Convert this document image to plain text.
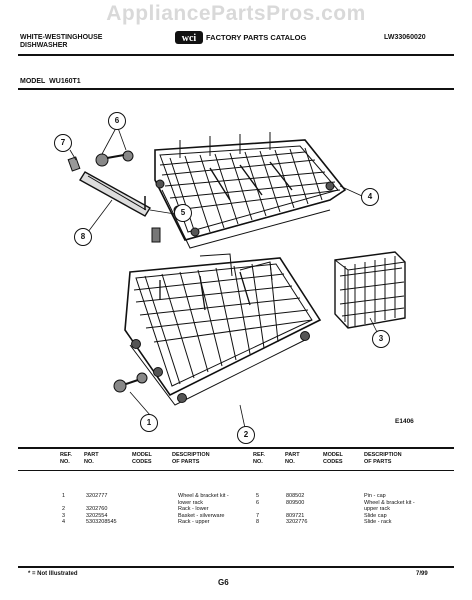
AppliancePartsPros.com
WHITE-WESTINGHOUSE
DISHWASHER
wci FACTORY PARTS CATALOG	LW33060020
MODEL WU160T1
7
6
5
4
8
3
2
1	E1406
REF.
NO.
PART
NO.
MODEL
CODES
DESCRIPTION
OF PARTS
REF.
NO.
PART
NO.
MODEL
CODES
DESCRIPTION
OF PARTS
1	3202777		Wheel & bracket kit -
			lower rack
2	3202760		Rack - lower
3	3202554		Basket - silverware
4	5303208545		Rack - upper
5	808502		Pin - cap
6	809500		Wheel & bracket kit -
			upper rack
7	809721		Slide cap
8	3202776		Slide - rack
* = Not Illustrated
G6
7/99
